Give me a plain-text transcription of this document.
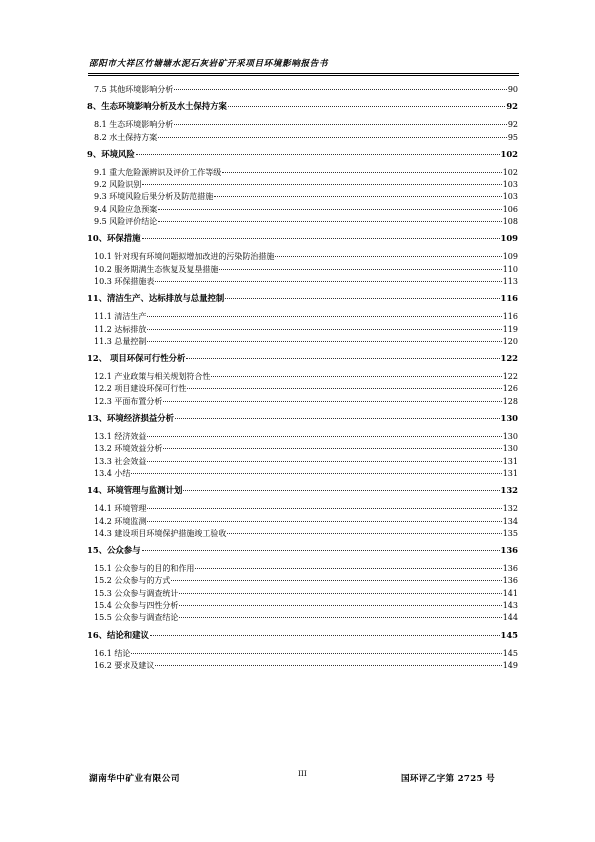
邵阳市大祥区竹塘塘水泥石灰岩矿开采项目环境影响报告书
7.5 其他环境影响分析	90
8、生态环境影响分析及水土保持方案	92
8.1 生态环境影响分析	92
8.2 水土保持方案	95
9、环境风险	102
9.1 重大危险源辨识及评价工作等级	102
9.2 风险识别	103
9.3 环境风险后果分析及防范措施	103
9.4 风险应急预案	106
9.5 风险评价结论	108
10、环保措施	109
10.1 针对现有环境问题拟增加改进的污染防治措施	109
10.2 服务期满生态恢复及复垦措施	110
10.3 环保措施表	113
11、清洁生产、达标排放与总量控制	116
11.1 清洁生产	116
11.2 达标排放	119
11.3 总量控制	120
12、 项目环保可行性分析	122
12.1 产业政策与相关规划符合性	122
12.2 项目建设环保可行性	126
12.3 平面布置分析	128
13、环境经济损益分析	130
13.1 经济效益	130
13.2 环境效益分析	130
13.3 社会效益	131
13.4 小结	131
14、环境管理与监测计划	132
14.1 环境管理	132
14.2 环境监测	134
14.3 建设项目环境保护措施竣工验收	135
15、公众参与	136
15.1 公众参与的目的和作用	136
15.2 公众参与的方式	136
15.3 公众参与调查统计	141
15.4 公众参与四性分析	143
15.5 公众参与调查结论	144
16、结论和建议	145
16.1 结论	145
16.2 要求及建议	149
湖南华中矿业有限公司
III
国环评乙字第 2725 号
